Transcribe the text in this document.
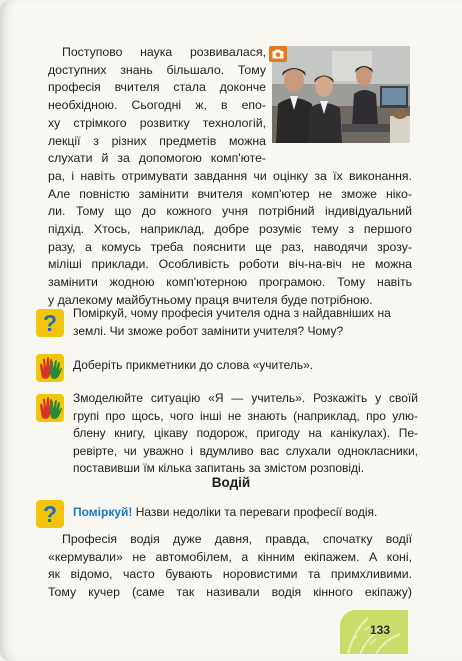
Поступово наука розвивалася,
доступних знань більшало. Тому
професія вчителя стала доконче
необхідною. Сьогодні ж, в епо-
ху стрімкого розвитку технологій,
лекції з різних предметів можна
слухати й за допомогою комп'юте-
ра, і навіть отримувати завдання чи оцінку за їх виконання.
Але повністю замінити вчителя комп'ютер не зможе ніко-
ли. Тому що до кожного учня потрібний індивідуальний
підхід. Хтось, наприклад, добре розуміє тему з першого
разу, а комусь треба пояснити ще раз, наводячи зрозу-
міліші приклади. Особливість роботи віч-на-віч не можна
замінити жодною комп'ютерною програмою. Тому навіть
у далекому майбутньому праця вчителя буде потрібною.
? Поміркуй, чому професія учителя одна з найдавніших на
землі. Чи зможе робот замінити учителя? Чому?

Доберіть прикметники до слова «учитель».

Змоделюйте ситуацію «Я — учитель». Розкажіть у своїй
групі про щось, чого інші не знають (наприклад, про улю-
блену книгу, цікаву подорож, пригоду на канікулах). Пе-
ревірте, чи уважно і вдумливо вас слухали однокласники,
поставивши їм кілька запитань за змістом розповіді.
Водій
? Поміркуй! Назви недоліки та переваги професії водія.

Професія водія дуже давня, правда, спочатку водії
«кермували» не автомобілем, а кінним екіпажем. А коні,
як відомо, часто бувають норовистими та примхливими.
Тому кучер (саме так називали водія кінного екіпажу)
133
